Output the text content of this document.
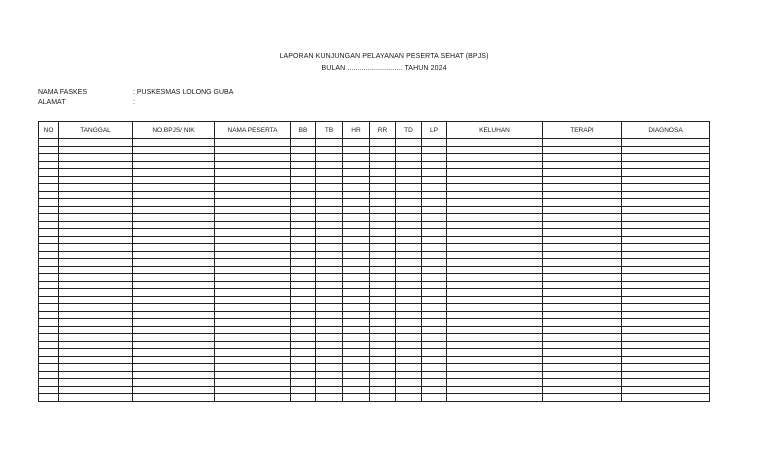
LAPORAN KUNJUNGAN PELAYANAN PESERTA SEHAT (BPJS)
BULAN ........................... TAHUN 2024
NAMA FASKES	: PUSKESMAS LOLONG GUBA
ALAMAT	:
NO	TANGGAL	NO.BPJS/ NIK	NAMA PESERTA	BB	TB	HR	RR	TD	LP	KELUHAN	TERAPI	DIAGNOSA
